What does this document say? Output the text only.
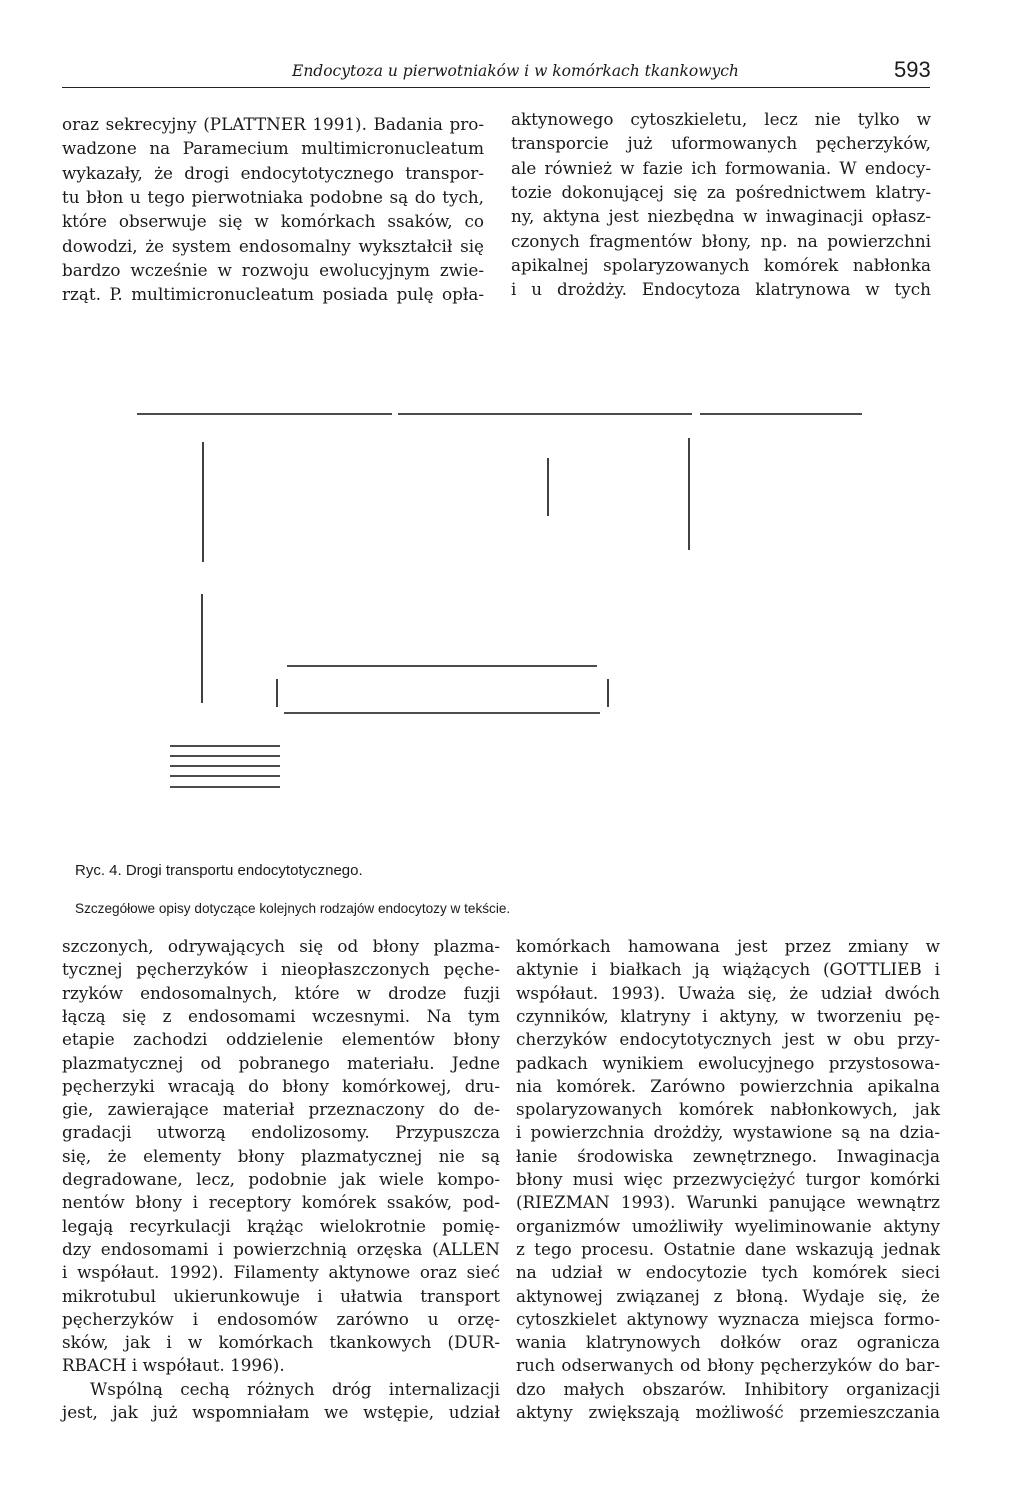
Endocytoza u pierwotniaków i w komórkach tkankowych	593
oraz sekrecyjny (PLATTNER 1991). Badania pro-
wadzone na Paramecium multimicronucleatum
wykazały, że drogi endocytotycznego transpor-
tu błon u tego pierwotniaka podobne są do tych,
które obserwuje się w komórkach ssaków, co
dowodzi, że system endosomalny wykształcił się
bardzo wcześnie w rozwoju ewolucyjnym zwie-
rząt. P. multimicronucleatum posiada pulę opła-
aktynowego cytoszkieletu, lecz nie tylko w
transporcie już uformowanych pęcherzyków,
ale również w fazie ich formowania. W endocy-
tozie dokonującej się za pośrednictwem klatry-
ny, aktyna jest niezbędna w inwaginacji opłasz-
czonych fragmentów błony, np. na powierzchni
apikalnej spolaryzowanych komórek nabłonka
i u drożdży. Endocytoza klatrynowa w tych
szczonych, odrywających się od błony plazma-
tycznej pęcherzyków i nieopłaszczonych pęche-
rzyków endosomalnych, które w drodze fuzji
łączą się z endosomami wczesnymi. Na tym
etapie zachodzi oddzielenie elementów błony
plazmatycznej od pobranego materiału. Jedne
pęcherzyki wracają do błony komórkowej, dru-
gie, zawierające materiał przeznaczony do de-
gradacji utworzą endolizosomy. Przypuszcza
się, że elementy błony plazmatycznej nie są
degradowane, lecz, podobnie jak wiele kompo-
nentów błony i receptory komórek ssaków, pod-
legają recyrkulacji krążąc wielokrotnie pomię-
dzy endosomami i powierzchnią orzęska (ALLEN
i współaut. 1992). Filamenty aktynowe oraz sieć
mikrotubul ukierunkowuje i ułatwia transport
pęcherzyków i endosomów zarówno u orzę-
sków, jak i w komórkach tkankowych (DUR-
RBACH i współaut. 1996).
Wspólną cechą różnych dróg internalizacji
jest, jak już wspomniałam we wstępie, udział
komórkach hamowana jest przez zmiany w
aktynie i białkach ją wiążących (GOTTLIEB i
współaut. 1993). Uważa się, że udział dwóch
czynników, klatryny i aktyny, w tworzeniu pę-
cherzyków endocytotycznych jest w obu przy-
padkach wynikiem ewolucyjnego przystosowa-
nia komórek. Zarówno powierzchnia apikalna
spolaryzowanych komórek nabłonkowych, jak
i powierzchnia drożdży, wystawione są na dzia-
łanie środowiska zewnętrznego. Inwaginacja
błony musi więc przezwyciężyć turgor komórki
(RIEZMAN 1993). Warunki panujące wewnątrz
organizmów umożliwiły wyeliminowanie aktyny
z tego procesu. Ostatnie dane wskazują jednak
na udział w endocytozie tych komórek sieci
aktynowej związanej z błoną. Wydaje się, że
cytoszkielet aktynowy wyznacza miejsca formo-
wania klatrynowych dołków oraz ogranicza
ruch odserwanych od błony pęcherzyków do bar-
dzo małych obszarów. Inhibitory organizacji
aktyny zwiększają możliwość przemieszczania
Ryc. 4. Drogi transportu endocytotycznego.
Szczegółowe opisy dotyczące kolejnych rodzajów endocytozy w tekście.
